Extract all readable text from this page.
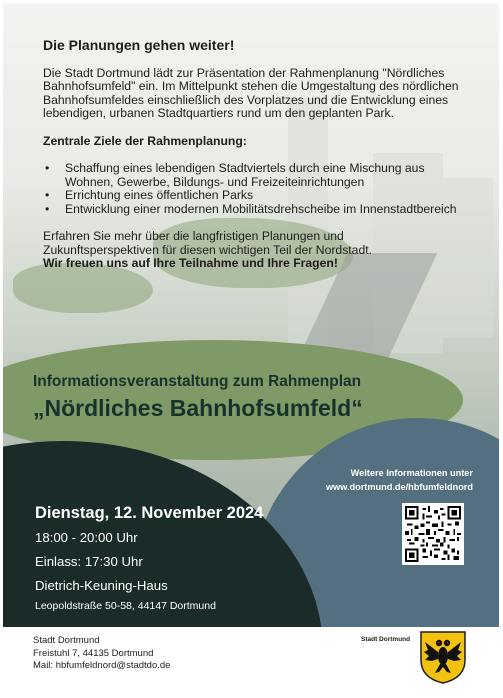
Die Planungen gehen weiter!

Die Stadt Dortmund lädt zur Präsentation der Rahmenplanung "Nördliches Bahnhofsumfeld" ein. Im Mittelpunkt stehen die Umgestaltung des nördlichen Bahnhofsumfeldes einschließlich des Vorplatzes und die Entwicklung eines lebendigen, urbanen Stadtquartiers rund um den geplanten Park.

Zentrale Ziele der Rahmenplanung:
• Schaffung eines lebendigen Stadtviertels durch eine Mischung aus Wohnen, Gewerbe, Bildungs- und Freizeiteinrichtungen
• Errichtung eines öffentlichen Parks
• Entwicklung einer modernen Mobilitätsdrehscheibe im Innenstadtbereich

Erfahren Sie mehr über die langfristigen Planungen und Zukunftsperspektiven für diesen wichtigen Teil der Nordstadt.
Wir freuen uns auf Ihre Teilnahme und Ihre Fragen!

Informationsveranstaltung zum Rahmenplan
„Nördliches Bahnhofsumfeld“
Weitere Informationen unter
www.dortmund.de/hbfumfeldnord
Dienstag, 12. November 2024
18:00 - 20:00 Uhr
Einlass: 17:30 Uhr
Dietrich-Keuning-Haus
Leopoldstraße 50-58, 44147 Dortmund
Stadt Dortmund
Freistuhl 7, 44135 Dortmund
Mail: hbfumfeldnord@stadtdo.de
Stadt Dortmund
